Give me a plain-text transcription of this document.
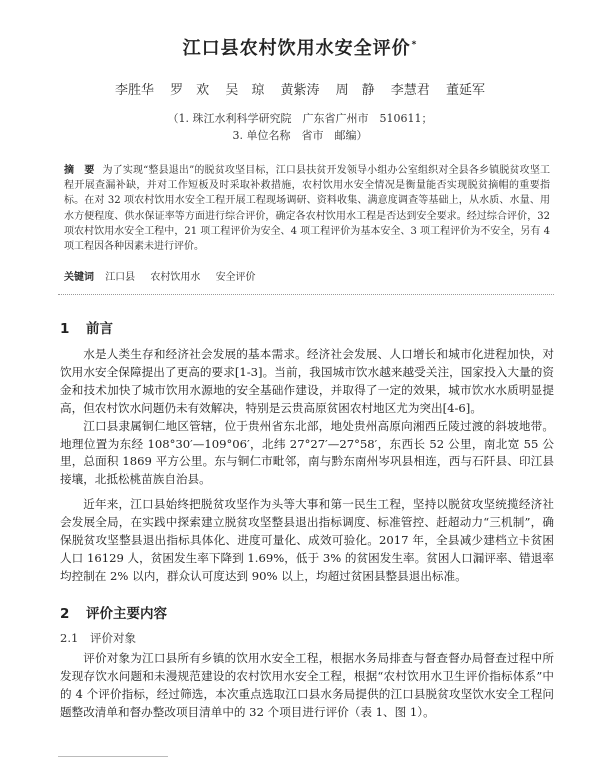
江口县农村饮用水安全评价*
李胜华 罗　欢 吴　琼 黄紫涛 周　静 李慧君 董延军
（1. 珠江水利科学研究院　广东省广州市　510611；
3. 单位名称　省市　邮编）
摘　要 为了实现“整县退出”的脱贫攻坚目标，江口县扶贫开发领导小组办公室组织对全县各乡镇脱贫攻坚工程开展查漏补缺，并对工作短板及时采取补救措施，农村饮用水安全情况是衡量能否实现脱贫摘帽的重要指标。在对 32 项农村饮用水安全工程开展工程现场调研、资料收集、满意度调查等基础上，从水质、水量、用水方便程度、供水保证率等方面进行综合评价，确定各农村饮用水工程是否达到安全要求。经过综合评价，32 项农村饮用水安全工程中，21 项工程评价为安全、4 项工程评价为基本安全、3 项工程评价为不安全，另有 4 项工程因各种因素未进行评价。
关键词 江口县 农村饮用水 安全评价
1 前言

水是人类生存和经济社会发展的基本需求。经济社会发展、人口增长和城市化进程加快，对饮用水安全保障提出了更高的要求[1-3]。当前，我国城市饮水越来越受关注，国家投入大量的资金和技术加快了城市饮用水源地的安全基础作建设，并取得了一定的效果，城市饮水水质明显提高，但农村饮水问题仍未有效解决，特别是云贵高原贫困农村地区尤为突出[4-6]。

江口县隶属铜仁地区管辖，位于贵州省东北部，地处贵州高原向湘西丘陵过渡的斜坡地带。地理位置为东经 108°30′—109°06′，北纬 27°27′—27°58′，东西长 52 公里，南北宽 55 公里，总面积 1869 平方公里。东与铜仁市毗邻，南与黔东南州岑巩县相连，西与石阡县、印江县接壤，北抵松桃苗族自治县。

近年来，江口县始终把脱贫攻坚作为头等大事和第一民生工程，坚持以脱贫攻坚统揽经济社会发展全局，在实践中探索建立脱贫攻坚整县退出指标调度、标准管控、赶超动力“三机制”，确保脱贫攻坚整县退出指标具体化、进度可量化、成效可验化。2017 年，全县减少建档立卡贫困人口 16129 人，贫困发生率下降到 1.69%，低于 3% 的贫困发生率。贫困人口漏评率、错退率均控制在 2% 以内，群众认可度达到 90% 以上，均超过贫困县整县退出标准。

2 评价主要内容
2.1 评价对象

评价对象为江口县所有乡镇的饮用水安全工程，根据水务局排查与督查督办局督查过程中所发现存饮水问题和未漫规范建设的农村饮用水安全工程，根据“农村饮用水卫生评价指标体系”中的 4 个评价指标，经过筛选，本次重点选取江口县水务局提供的江口县脱贫攻坚饮水安全工程问题整改清单和督办整改项目清单中的 32 个项目进行评价（表 1、图 1）。
